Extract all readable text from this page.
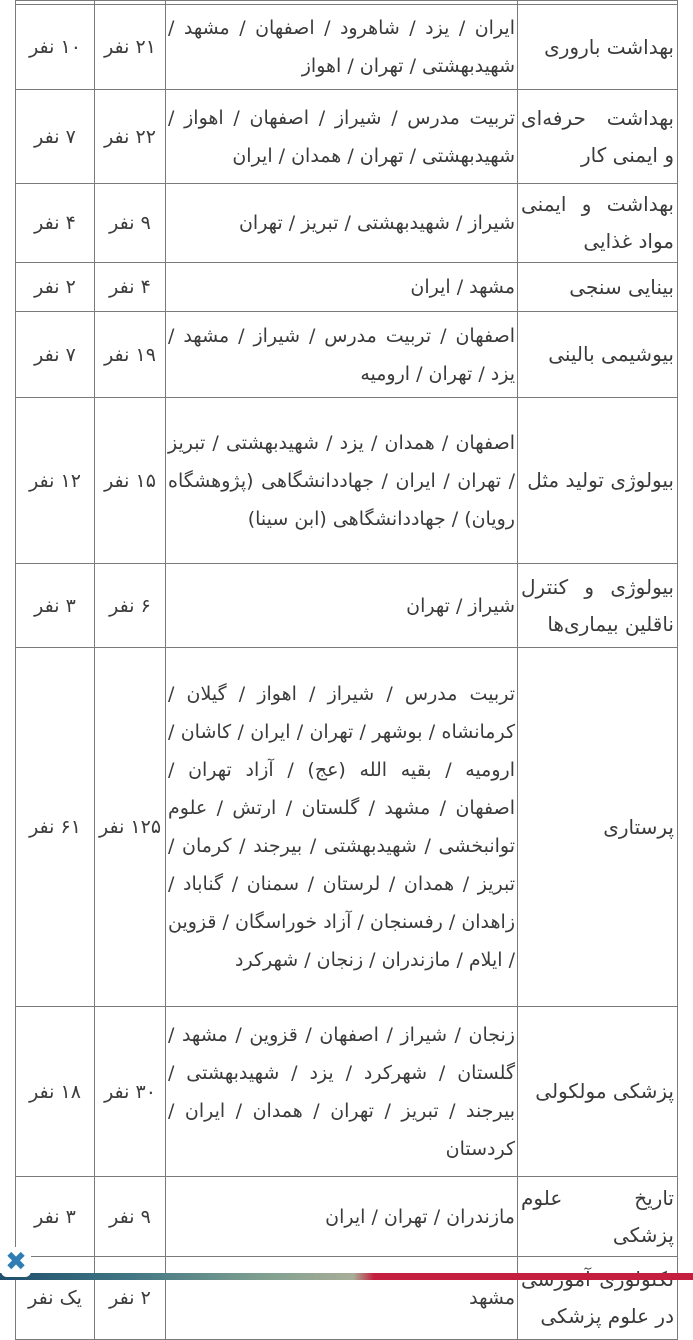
بهداشت باروری	ایران / یزد / شاهرود / اصفهان / مشهد / شهیدبهشتی / تهران / اهواز	۲۱ نفر	۱۰ نفر
بهداشت حرفه‌ای و ایمنی کار	تربیت مدرس / شیراز / اصفهان / اهواز / شهیدبهشتی / تهران / همدان / ایران	۲۲ نفر	۷ نفر
بهداشت و ایمنی مواد غذایی	شیراز / شهیدبهشتی / تبریز / تهران	۹ نفر	۴ نفر
بینایی سنجی	مشهد / ایران	۴ نفر	۲ نفر
بیوشیمی بالینی	اصفهان / تربیت مدرس / شیراز / مشهد / یزد / تهران / ارومیه	۱۹ نفر	۷ نفر
بیولوژی تولید مثل	اصفهان / همدان / یزد / شهیدبهشتی / تبریز / تهران / ایران / جهاددانشگاهی (پژوهشگاه رویان) / جهاددانشگاهی (ابن سینا)	۱۵ نفر	۱۲ نفر
بیولوژی و کنترل ناقلین بیماری‌ها	شیراز / تهران	۶ نفر	۳ نفر
پرستاری	تربیت مدرس / شیراز / اهواز / گیلان / کرمانشاه / بوشهر / تهران / ایران / کاشان / ارومیه / بقیه الله (عج) / آزاد تهران / اصفهان / مشهد / گلستان / ارتش / علوم توانبخشی / شهیدبهشتی / بیرجند / کرمان / تبریز / همدان / لرستان / سمنان / گناباد / زاهدان / رفسنجان / آزاد خوراسگان / قزوین / ایلام / مازندران / زنجان / شهرکرد	۱۲۵ نفر	۶۱ نفر
پزشکی مولکولی	زنجان / شیراز / اصفهان / قزوین / مشهد / گلستان / شهرکرد / یزد / شهیدبهشتی / بیرجند / تبریز / تهران / همدان / ایران / کردستان	۳۰ نفر	۱۸ نفر
تاریخ علوم پزشکی	مازندران / تهران / ایران	۹ نفر	۳ نفر
در علوم پزشکی	مشهد	۲ نفر	یک نفر
✖
